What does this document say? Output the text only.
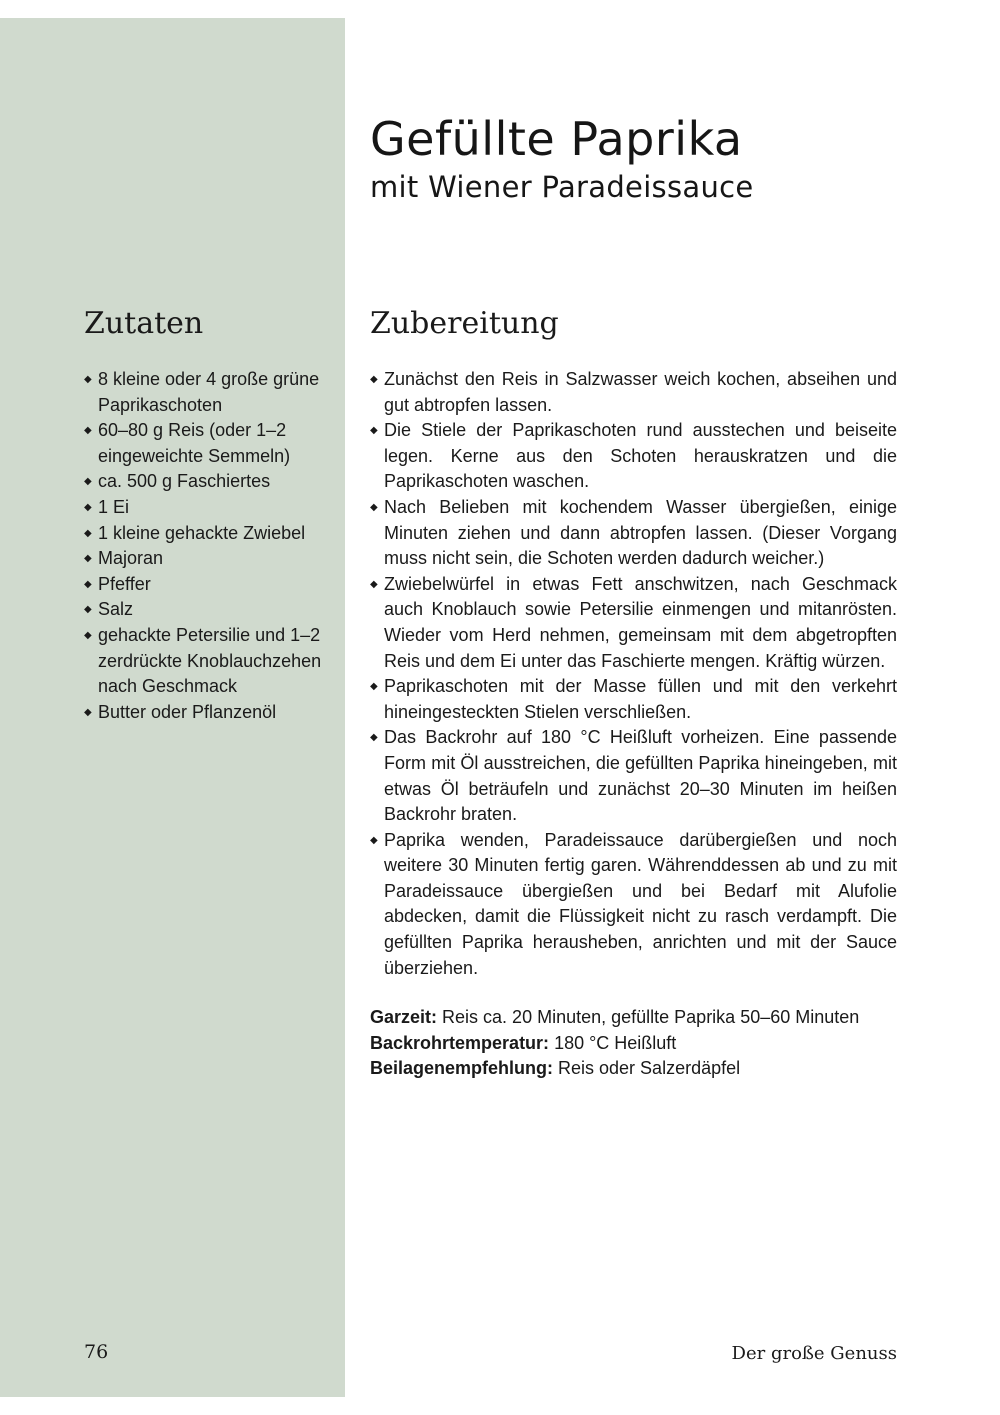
Gefüllte Paprika
mit Wiener Paradeissauce
Zutaten
◆ 8 kleine oder 4 große grüne Paprikaschoten
◆ 60–80 g Reis (oder 1–2 eingeweichte Semmeln)
◆ ca. 500 g Faschiertes
◆ 1 Ei
◆ 1 kleine gehackte Zwiebel
◆ Majoran
◆ Pfeffer
◆ Salz
◆ gehackte Petersilie und 1–2 zerdrückte Knoblauchzehen nach Geschmack
◆ Butter oder Pflanzenöl
Zubereitung
◆ Zunächst den Reis in Salzwasser weich kochen, abseihen und gut abtropfen lassen.
◆ Die Stiele der Paprikaschoten rund ausstechen und beiseite legen. Kerne aus den Schoten herauskratzen und die Paprikaschoten waschen.
◆ Nach Belieben mit kochendem Wasser übergießen, einige Minuten ziehen und dann abtropfen lassen. (Dieser Vorgang muss nicht sein, die Schoten werden dadurch weicher.)
◆ Zwiebelwürfel in etwas Fett anschwitzen, nach Geschmack auch Knoblauch sowie Petersilie einmengen und mitanrösten. Wieder vom Herd nehmen, gemeinsam mit dem abgetropften Reis und dem Ei unter das Faschierte mengen. Kräftig würzen.
◆ Paprikaschoten mit der Masse füllen und mit den verkehrt hineingesteckten Stielen verschließen.
◆ Das Backrohr auf 180 °C Heißluft vorheizen. Eine passende Form mit Öl ausstreichen, die gefüllten Paprika hineingeben, mit etwas Öl beträufeln und zunächst 20–30 Minuten im heißen Backrohr braten.
◆ Paprika wenden, Paradeissauce darübergießen und noch weitere 30 Minuten fertig garen. Währenddessen ab und zu mit Paradeissauce übergießen und bei Bedarf mit Alufolie abdecken, damit die Flüssigkeit nicht zu rasch verdampft. Die gefüllten Paprika herausheben, anrichten und mit der Sauce überziehen.
Garzeit: Reis ca. 20 Minuten, gefüllte Paprika 50–60 Minuten
Backrohrtemperatur: 180 °C Heißluft
Beilagenempfehlung: Reis oder Salzerdäpfel
76	Der große Genuss
